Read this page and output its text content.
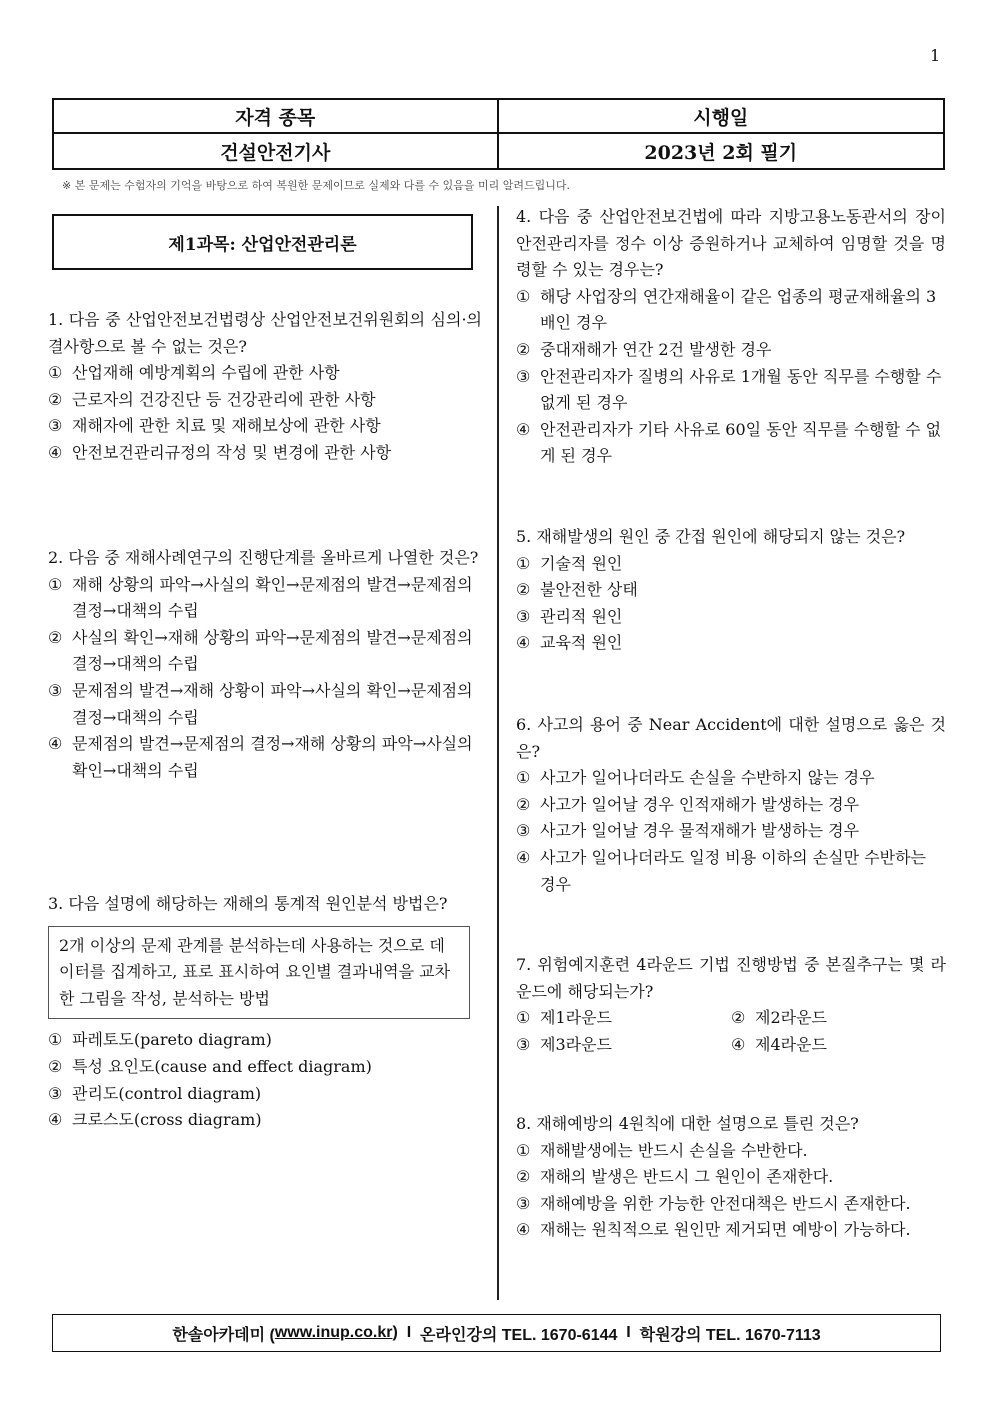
1
자격 종목	시행일
건설안전기사	2023년 2회 필기
※ 본 문제는 수험자의 기억을 바탕으로 하여 복원한 문제이므로 실제와 다를 수 있음을 미리 알려드립니다.
제1과목: 산업안전관리론
1. 다음 중 산업안전보건법령상 산업안전보건위원회의 심의·의결사항으로 볼 수 없는 것은?
① 산업재해 예방계획의 수립에 관한 사항
② 근로자의 건강진단 등 건강관리에 관한 사항
③ 재해자에 관한 치료 및 재해보상에 관한 사항
④ 안전보건관리규정의 작성 및 변경에 관한 사항
2. 다음 중 재해사례연구의 진행단계를 올바르게 나열한 것은?
① 재해 상황의 파악→사실의 확인→문제점의 발견→문제점의 결정→대책의 수립
② 사실의 확인→재해 상황의 파악→문제점의 발견→문제점의 결정→대책의 수립
③ 문제점의 발견→재해 상황이 파악→사실의 확인→문제점의 결정→대책의 수립
④ 문제점의 발견→문제점의 결정→재해 상황의 파악→사실의 확인→대책의 수립
3. 다음 설명에 해당하는 재해의 통계적 원인분석 방법은?
2개 이상의 문제 관계를 분석하는데 사용하는 것으로 데이터를 집계하고, 표로 표시하여 요인별 결과내역을 교차한 그림을 작성, 분석하는 방법
① 파레토도(pareto diagram)
② 특성 요인도(cause and effect diagram)
③ 관리도(control diagram)
④ 크로스도(cross diagram)
4. 다음 중 산업안전보건법에 따라 지방고용노동관서의 장이 안전관리자를 정수 이상 증원하거나 교체하여 임명할 것을 명령할 수 있는 경우는?
① 해당 사업장의 연간재해율이 같은 업종의 평균재해율의 3배인 경우
② 중대재해가 연간 2건 발생한 경우
③ 안전관리자가 질병의 사유로 1개월 동안 직무를 수행할 수 없게 된 경우
④ 안전관리자가 기타 사유로 60일 동안 직무를 수행할 수 없게 된 경우
5. 재해발생의 원인 중 간접 원인에 해당되지 않는 것은?
① 기술적 원인
② 불안전한 상태
③ 관리적 원인
④ 교육적 원인
6. 사고의 용어 중 Near Accident에 대한 설명으로 옳은 것은?
① 사고가 일어나더라도 손실을 수반하지 않는 경우
② 사고가 일어날 경우 인적재해가 발생하는 경우
③ 사고가 일어날 경우 물적재해가 발생하는 경우
④ 사고가 일어나더라도 일정 비용 이하의 손실만 수반하는 경우
7. 위험예지훈련 4라운드 기법 진행방법 중 본질추구는 몇 라운드에 해당되는가?
① 제1라운드	② 제2라운드
③ 제3라운드	④ 제4라운드
8. 재해예방의 4원칙에 대한 설명으로 틀린 것은?
① 재해발생에는 반드시 손실을 수반한다.
② 재해의 발생은 반드시 그 원인이 존재한다.
③ 재해예방을 위한 가능한 안전대책은 반드시 존재한다.
④ 재해는 원칙적으로 원인만 제거되면 예방이 가능하다.
한솔아카데미 ( www.inup.co.kr ) I 온라인강의 TEL. 1670-6144 I 학원강의 TEL. 1670-7113
